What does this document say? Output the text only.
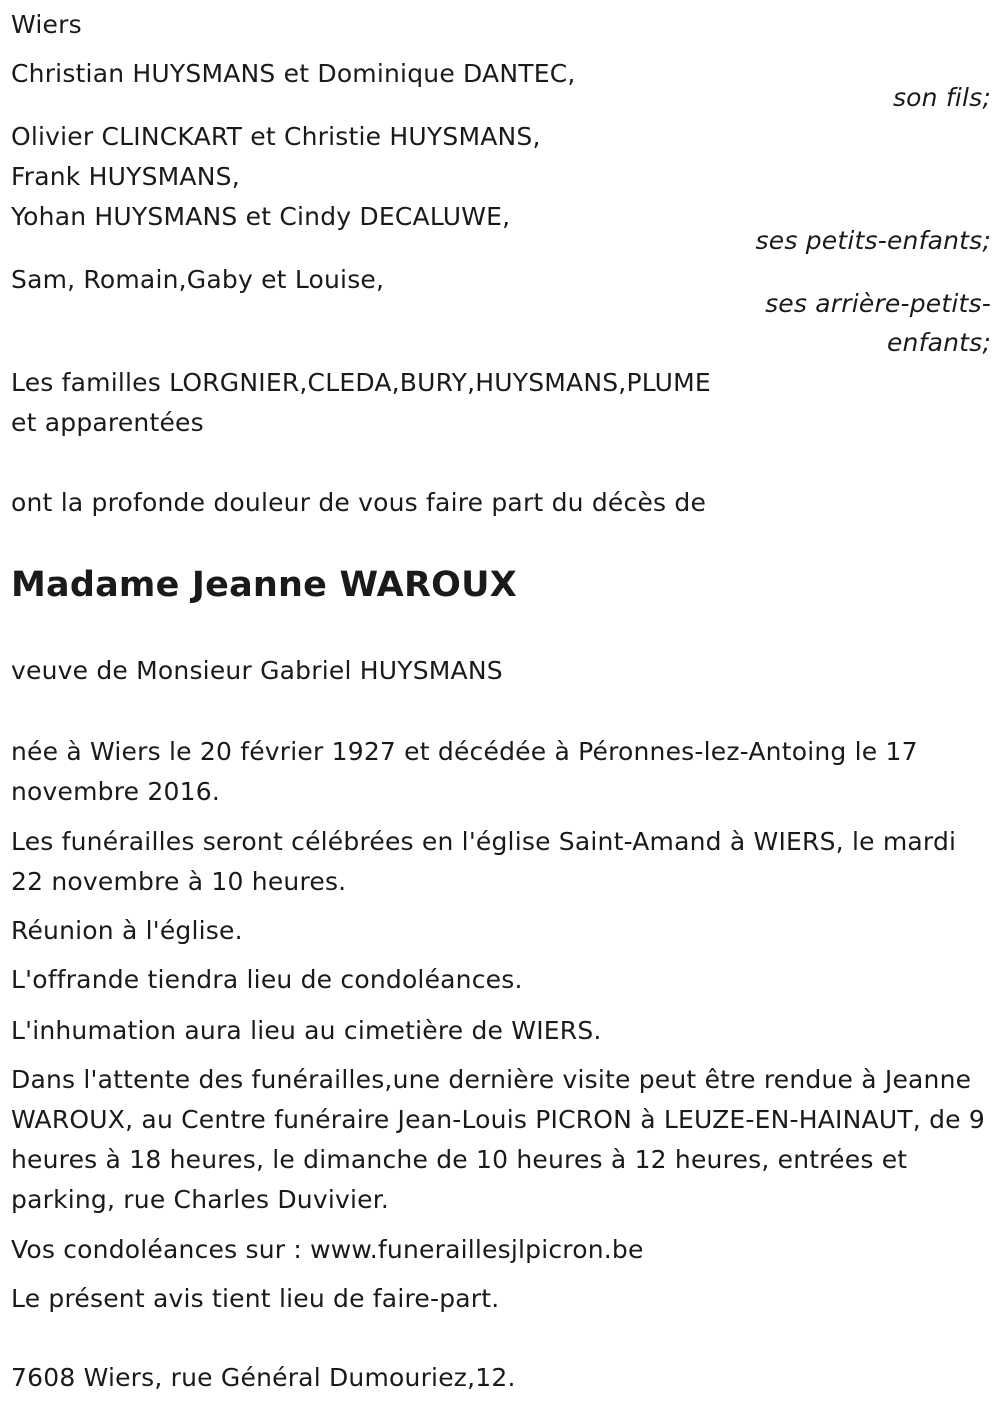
Wiers
Christian HUYSMANS et Dominique DANTEC,
son fils;
Olivier CLINCKART et Christie HUYSMANS,
Frank HUYSMANS,
Yohan HUYSMANS et Cindy DECALUWE,
ses petits-enfants;
Sam, Romain,Gaby et Louise,
ses arrière-petits-
enfants;
Les familles LORGNIER,CLEDA,BURY,HUYSMANS,PLUME
et apparentées
ont la profonde douleur de vous faire part du décès de
Madame Jeanne WAROUX
veuve de Monsieur Gabriel HUYSMANS
née à Wiers le 20 février 1927 et décédée à Péronnes-lez-Antoing le 17 novembre 2016.
Les funérailles seront célébrées en l'église Saint-Amand à WIERS, le mardi 22 novembre à 10 heures.
Réunion à l'église.
L'offrande tiendra lieu de condoléances.
L'inhumation aura lieu au cimetière de WIERS.
Dans l'attente des funérailles,une dernière visite peut être rendue à Jeanne WAROUX, au Centre funéraire Jean-Louis PICRON à LEUZE-EN-HAINAUT, de 9 heures à 18 heures, le dimanche de 10 heures à 12 heures, entrées et parking, rue Charles Duvivier.
Vos condoléances sur : www.funeraillesjlpicron.be
Le présent avis tient lieu de faire-part.
7608 Wiers, rue Général Dumouriez,12.
